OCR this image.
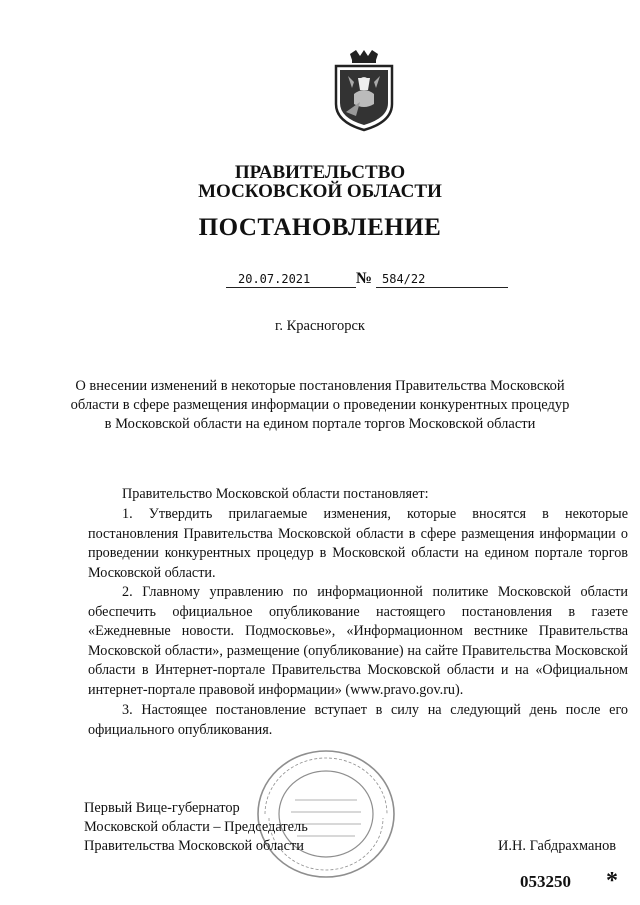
ПРАВИТЕЛЬСТВО
МОСКОВСКОЙ ОБЛАСТИ
ПОСТАНОВЛЕНИЕ
20.07.2021	№ 584/22
г. Красногорск
О внесении изменений в некоторые постановления Правительства Московской
области в сфере размещения информации о проведении конкурентных процедур
в Московской области на едином портале торгов Московской области
Правительство Московской области постановляет:
1. Утвердить прилагаемые изменения, которые вносятся в некоторые постановления Правительства Московской области в сфере размещения информации о проведении конкурентных процедур в Московской области на едином портале торгов Московской области.
2. Главному управлению по информационной политике Московской области обеспечить официальное опубликование настоящего постановления в газете «Ежедневные новости. Подмосковье», «Информационном вестнике Правительства Московской области», размещение (опубликование) на сайте Правительства Московской области в Интернет-портале Правительства Московской области и на «Официальном интернет-портале правовой информации» (www.pravo.gov.ru).
3. Настоящее постановление вступает в силу на следующий день после его официального опубликования.
Первый Вице-губернатор
Московской области – Председатель
Правительства Московской области	И.Н. Габдрахманов
053250 *
